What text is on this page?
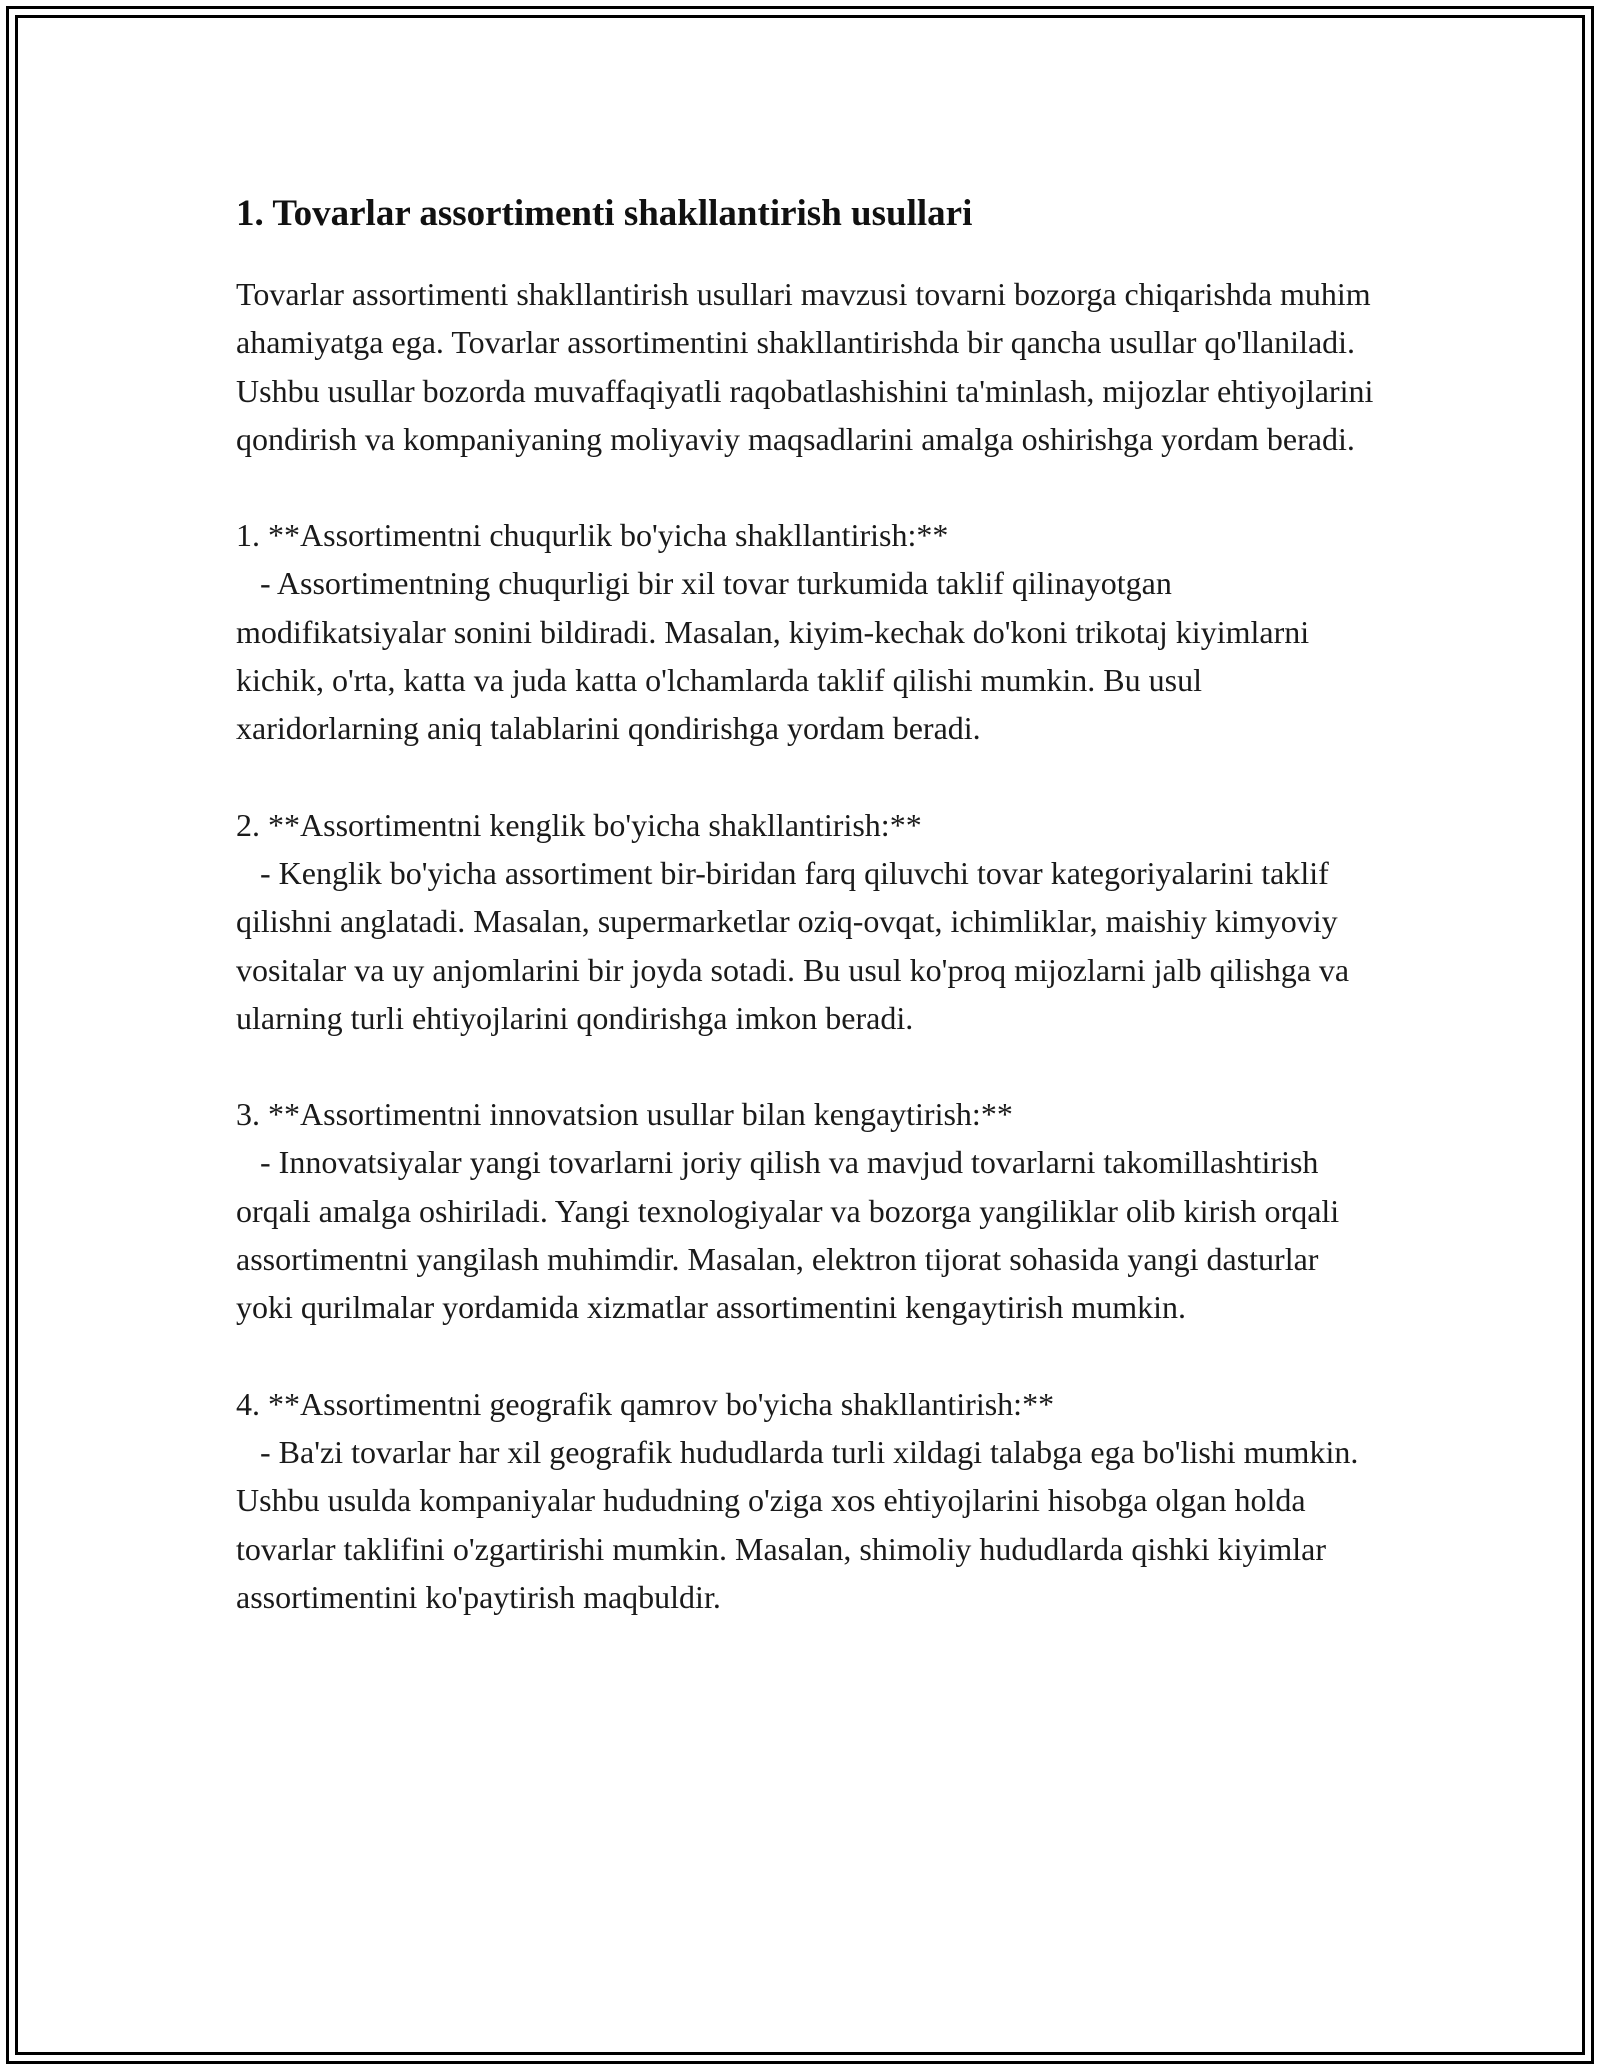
1. Tovarlar assortimenti shakllantirish usullari

Tovarlar assortimenti shakllantirish usullari mavzusi tovarni bozorga chiqarishda muhim ahamiyatga ega. Tovarlar assortimentini shakllantirishda bir qancha usullar qo'llaniladi. Ushbu usullar bozorda muvaffaqiyatli raqobatlashishini ta'minlash, mijozlar ehtiyojlarini qondirish va kompaniyaning moliyaviy maqsadlarini amalga oshirishga yordam beradi.

1. **Assortimentni chuqurlik bo'yicha shakllantirish:**
- Assortimentning chuqurligi bir xil tovar turkumida taklif qilinayotgan modifikatsiyalar sonini bildiradi. Masalan, kiyim-kechak do'koni trikotaj kiyimlarni kichik, o'rta, katta va juda katta o'lchamlarda taklif qilishi mumkin. Bu usul xaridorlarning aniq talablarini qondirishga yordam beradi.

2. **Assortimentni kenglik bo'yicha shakllantirish:**
- Kenglik bo'yicha assortiment bir-biridan farq qiluvchi tovar kategoriyalarini taklif qilishni anglatadi. Masalan, supermarketlar oziq-ovqat, ichimliklar, maishiy kimyoviy vositalar va uy anjomlarini bir joyda sotadi. Bu usul ko'proq mijozlarni jalb qilishga va ularning turli ehtiyojlarini qondirishga imkon beradi.

3. **Assortimentni innovatsion usullar bilan kengaytirish:**
- Innovatsiyalar yangi tovarlarni joriy qilish va mavjud tovarlarni takomillashtirish orqali amalga oshiriladi. Yangi texnologiyalar va bozorga yangiliklar olib kirish orqali assortimentni yangilash muhimdir. Masalan, elektron tijorat sohasida yangi dasturlar yoki qurilmalar yordamida xizmatlar assortimentini kengaytirish mumkin.

4. **Assortimentni geografik qamrov bo'yicha shakllantirish:**
- Ba'zi tovarlar har xil geografik hududlarda turli xildagi talabga ega bo'lishi mumkin. Ushbu usulda kompaniyalar hududning o'ziga xos ehtiyojlarini hisobga olgan holda tovarlar taklifini o'zgartirishi mumkin. Masalan, shimoliy hududlarda qishki kiyimlar assortimentini ko'paytirish maqbuldir.
